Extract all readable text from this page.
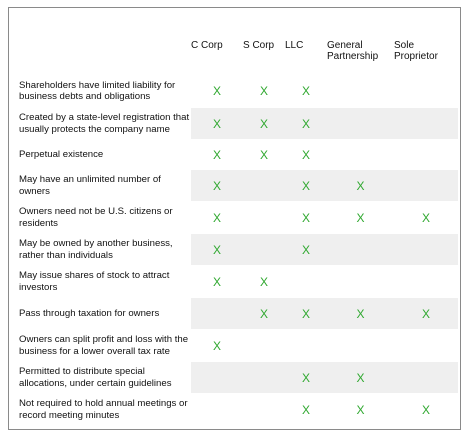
	C Corp	S Corp	LLC	General Partnership	Sole Proprietor
Shareholders have limited liability for business debts and obligations	X	X	X		
Created by a state-level registration that usually protects the company name	X	X	X		
Perpetual existence	X	X	X		
May have an unlimited number of owners	X		X	X	
Owners need not be U.S. citizens or residents	X		X	X	X
May be owned by another business, rather than individuals	X		X		
May issue shares of stock to attract investors	X	X			
Pass through taxation for owners		X	X	X	X
Owners can split profit and loss with the business for a lower overall tax rate	X				
Permitted to distribute special allocations, under certain guidelines			X	X	
Not required to hold annual meetings or record meeting minutes			X	X	X
